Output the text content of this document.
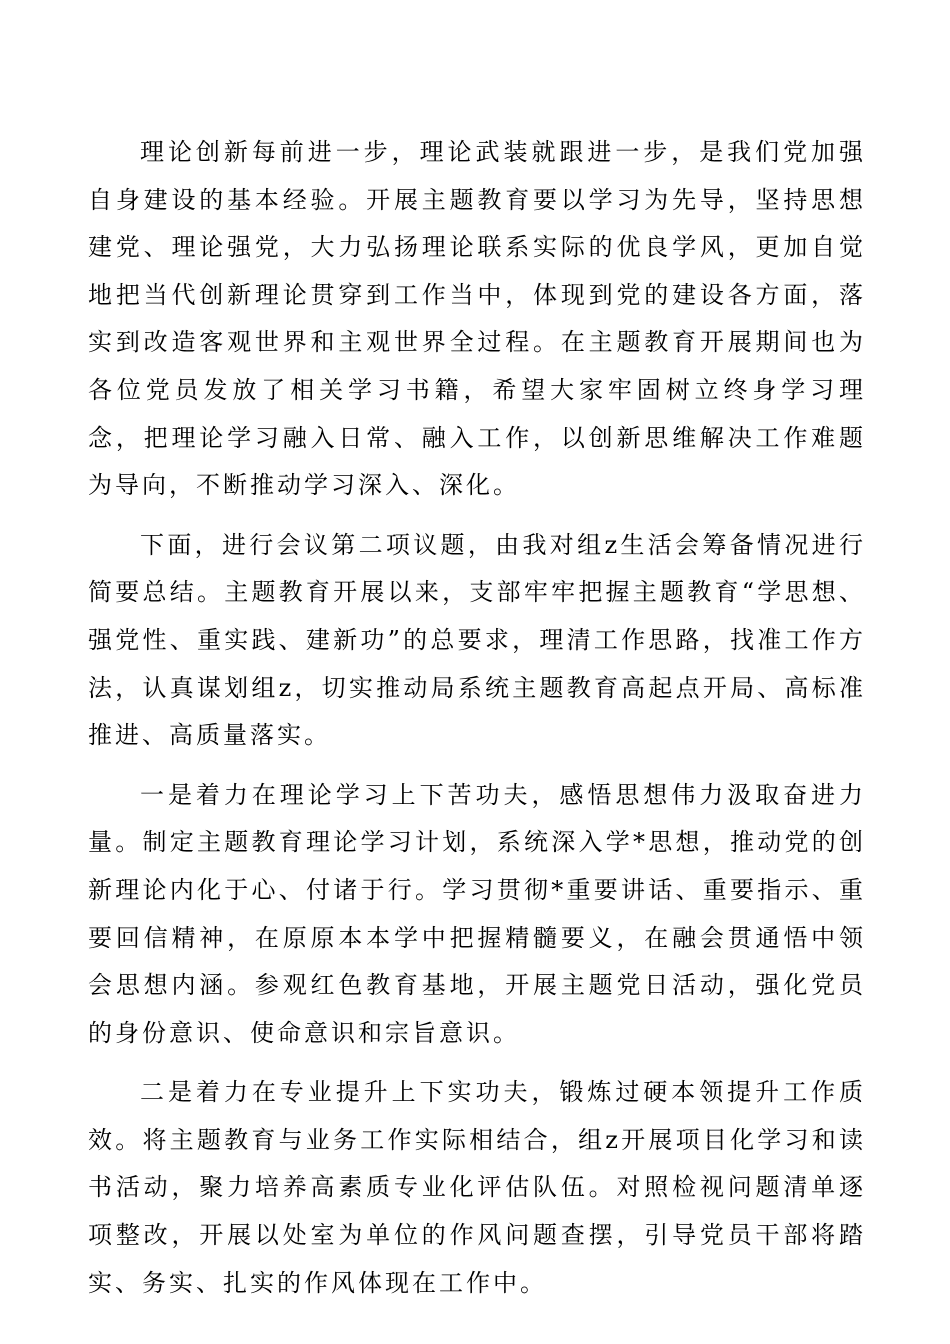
理论创新每前进一步，理论武装就跟进一步，是我们党加强自身建设的基本经验。开展主题教育要以学习为先导，坚持思想建党、理论强党，大力弘扬理论联系实际的优良学风，更加自觉地把当代创新理论贯穿到工作当中，体现到党的建设各方面，落实到改造客观世界和主观世界全过程。在主题教育开展期间也为各位党员发放了相关学习书籍，希望大家牢固树立终身学习理念，把理论学习融入日常、融入工作，以创新思维解决工作难题为导向，不断推动学习深入、深化。

下面，进行会议第二项议题，由我对组z生活会筹备情况进行简要总结。主题教育开展以来，支部牢牢把握主题教育“学思想、强党性、重实践、建新功”的总要求，理清工作思路，找准工作方法，认真谋划组z，切实推动局系统主题教育高起点开局、高标准推进、高质量落实。

一是着力在理论学习上下苦功夫，感悟思想伟力汲取奋进力量。制定主题教育理论学习计划，系统深入学*思想，推动党的创新理论内化于心、付诸于行。学习贯彻*重要讲话、重要指示、重要回信精神，在原原本本学中把握精髓要义，在融会贯通悟中领会思想内涵。参观红色教育基地，开展主题党日活动，强化党员的身份意识、使命意识和宗旨意识。

二是着力在专业提升上下实功夫，锻炼过硬本领提升工作质效。将主题教育与业务工作实际相结合，组z开展项目化学习和读书活动，聚力培养高素质专业化评估队伍。对照检视问题清单逐项整改，开展以处室为单位的作风问题查摆，引导党员干部将踏实、务实、扎实的作风体现在工作中。
